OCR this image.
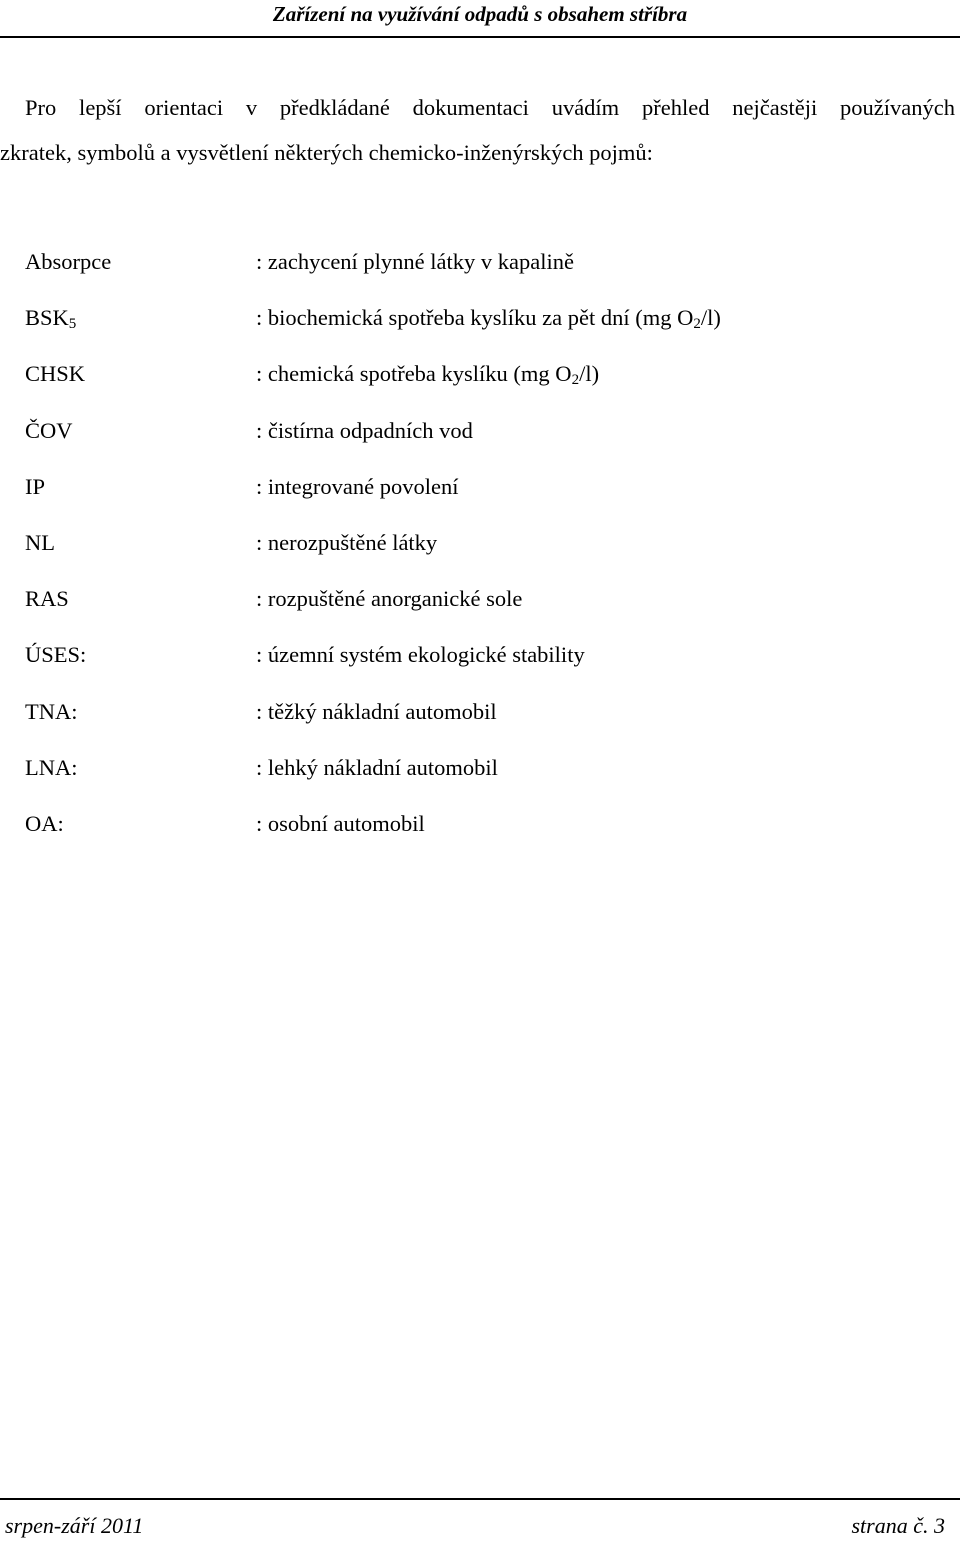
Zařízení na využívání odpadů s obsahem stříbra
Pro lepší orientaci v předkládané dokumentaci uvádím přehled nejčastěji používaných
zkratek, symbolů a vysvětlení některých chemicko-inženýrských pojmů:
Absorpce	: zachycení plynné látky v kapalině
$BSK_5$	: biochemická spotřeba kyslíku za pět dní (mg $O_2/l$)
CHSK	: chemická spotřeba kyslíku (mg $O_2/l$)
ČOV	: čistírna odpadních vod
IP	: integrované povolení
NL	: nerozpuštěné látky
RAS	: rozpuštěné anorganické sole
ÚSES:	: územní systém ekologické stability
TNA:	: těžký nákladní automobil
LNA:	: lehký nákladní automobil
OA:	: osobní automobil
srpen-září 2011	strana č. 3
